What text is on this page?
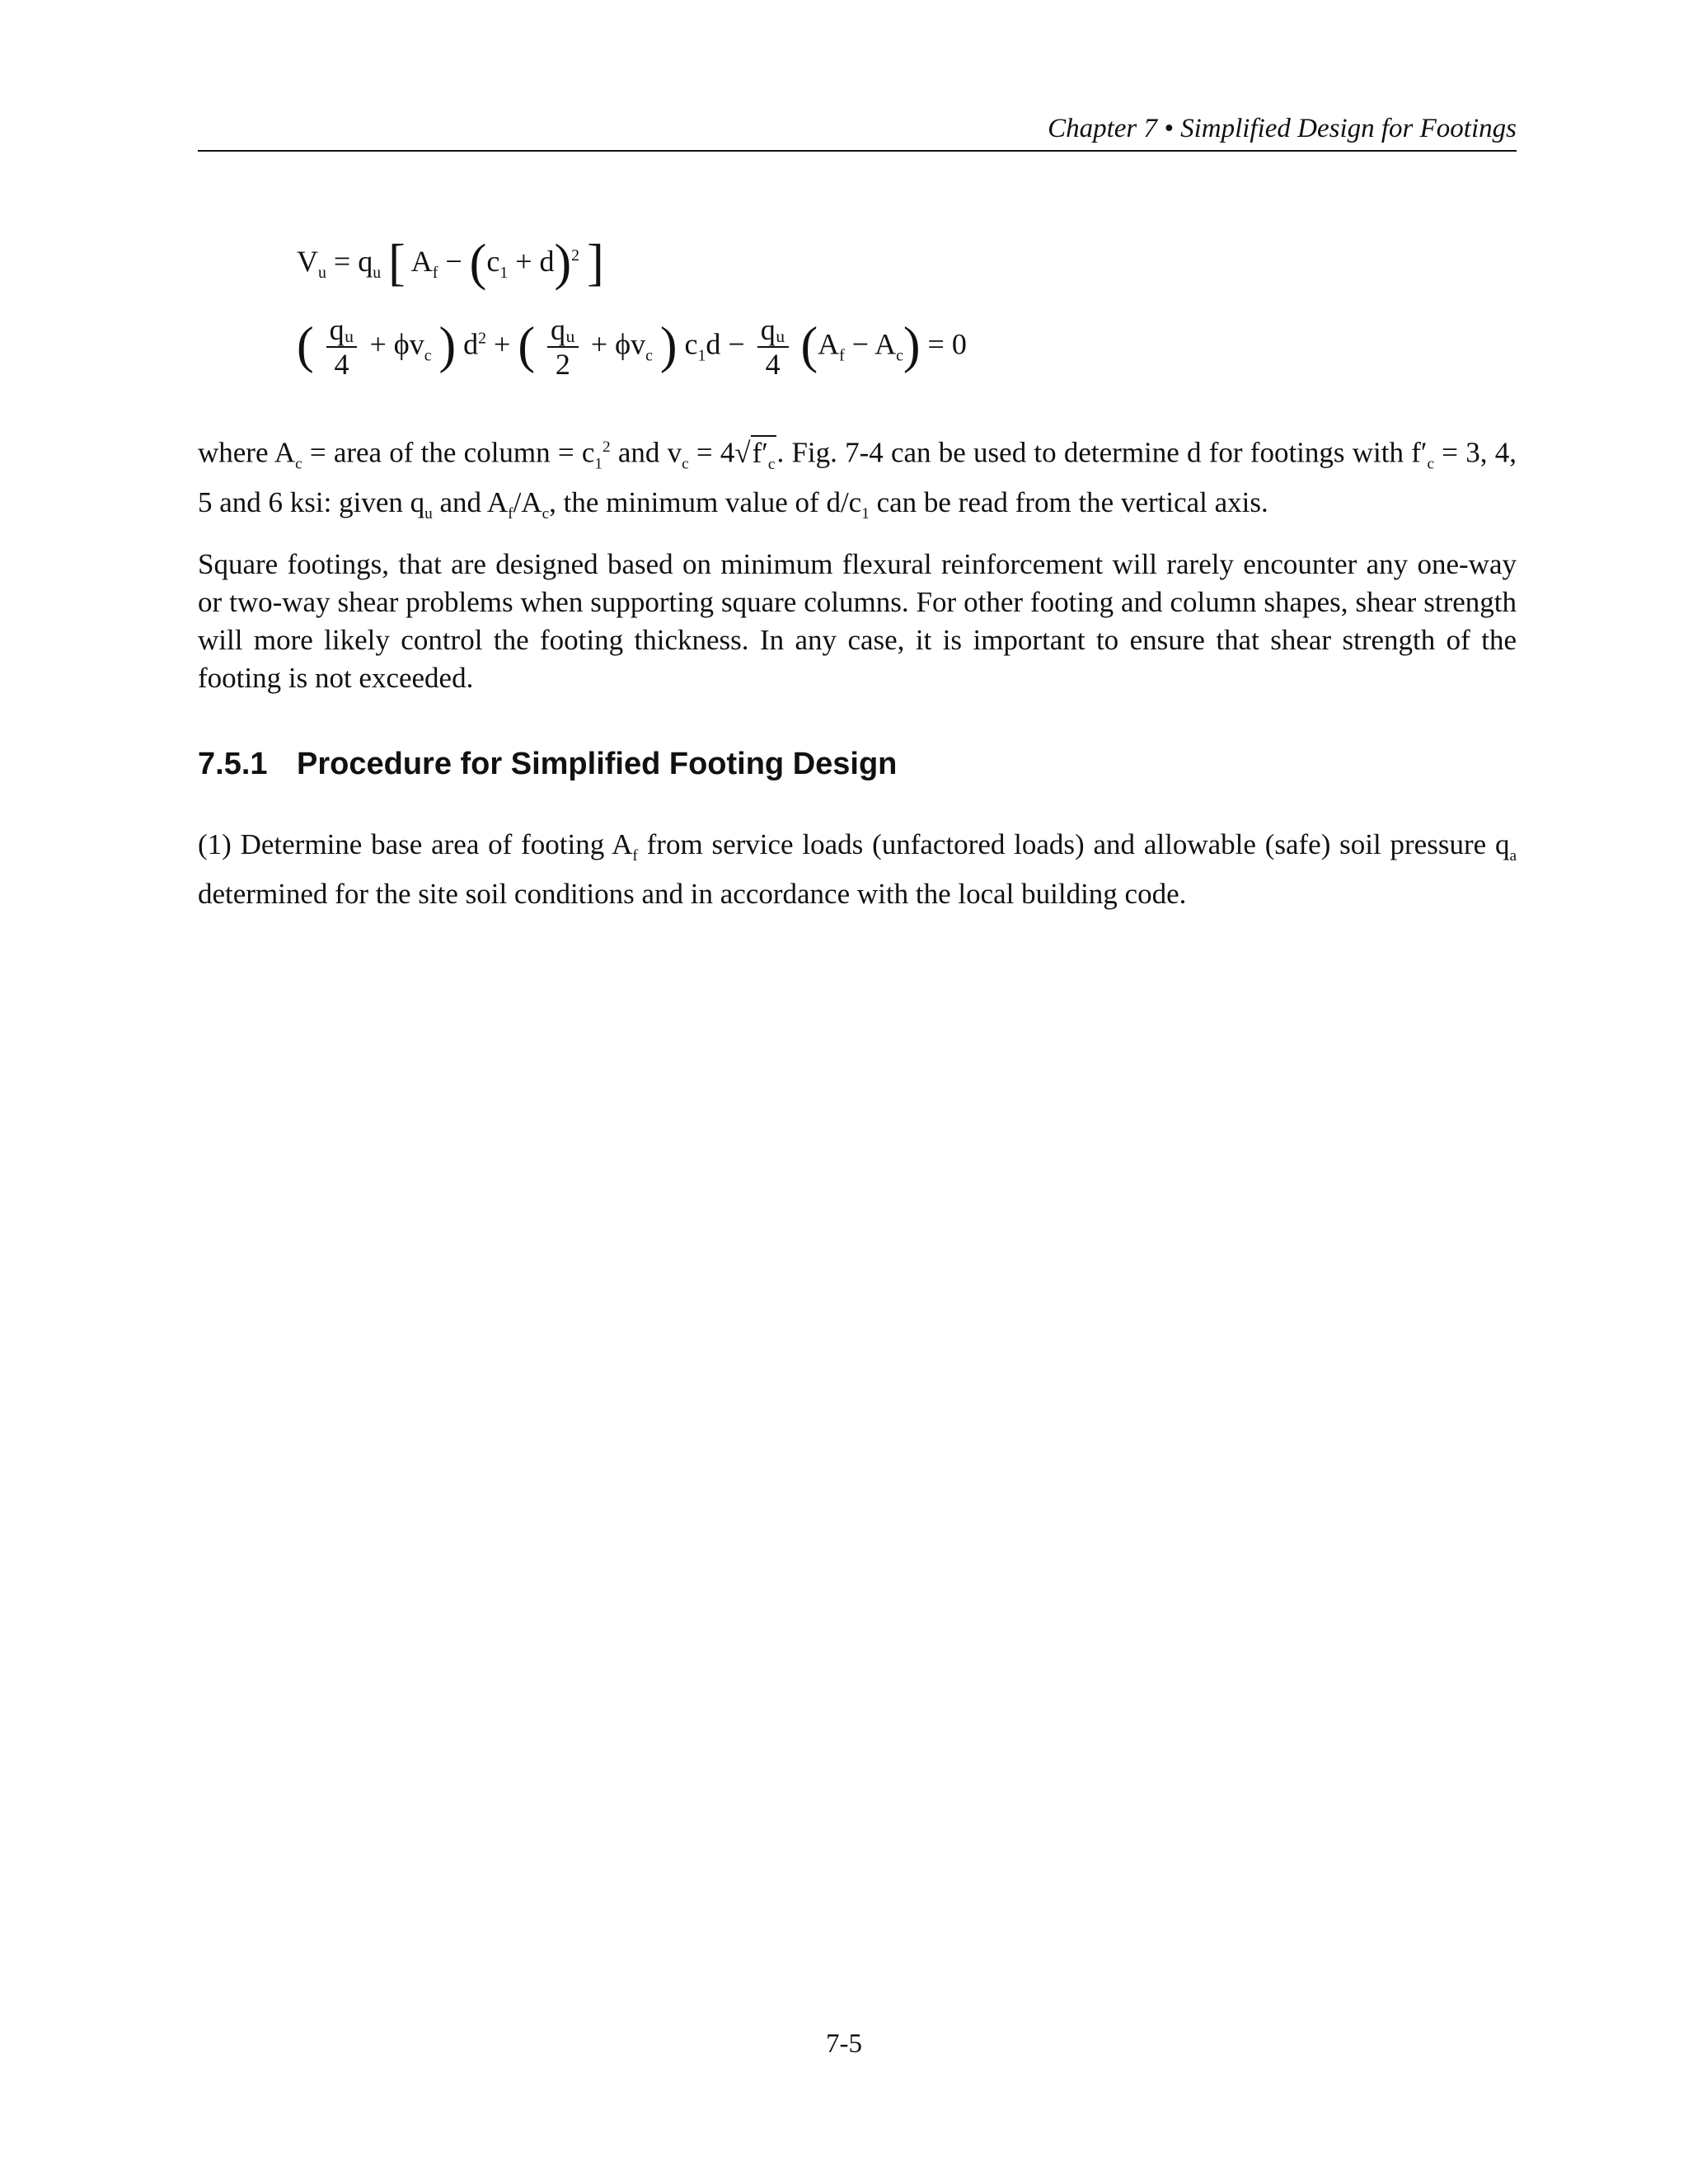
Chapter 7 • Simplified Design for Footings
$V_u = q_u$ [ $A_f - (c_1 + d)^2$ ]
( $\frac{\text{qᵤ}}{4} + \phi v_c$ ) $d^2$ + ( $\frac{\text{qᵤ}}{2} + \phi v_c$ ) $c_1d - \frac{\text{qᵤ}}{4} (A_f - A_c) = 0$
where $A_c$ = area of the column = $c_1^2$ and $v_c = 4√f'_c$. Fig. 7-4 can be used to determine d for footings with $f'_c = 3$, 4, 5 and 6 ksi: given $q_u$ and $A_f/A_c$, the minimum value of $d/c_1$ can be read from the vertical axis.
Square footings, that are designed based on minimum flexural reinforcement will rarely encounter any one-way or two-way shear problems when supporting square columns. For other footing and column shapes, shear strength will more likely control the footing thickness. In any case, it is important to ensure that shear strength of the footing is not exceeded.
7.5.1 Procedure for Simplified Footing Design
(1) Determine base area of footing $A_f$ from service loads (unfactored loads) and allowable (safe) soil pressure $q_a$ determined for the site soil conditions and in accordance with the local building code.
7-5
